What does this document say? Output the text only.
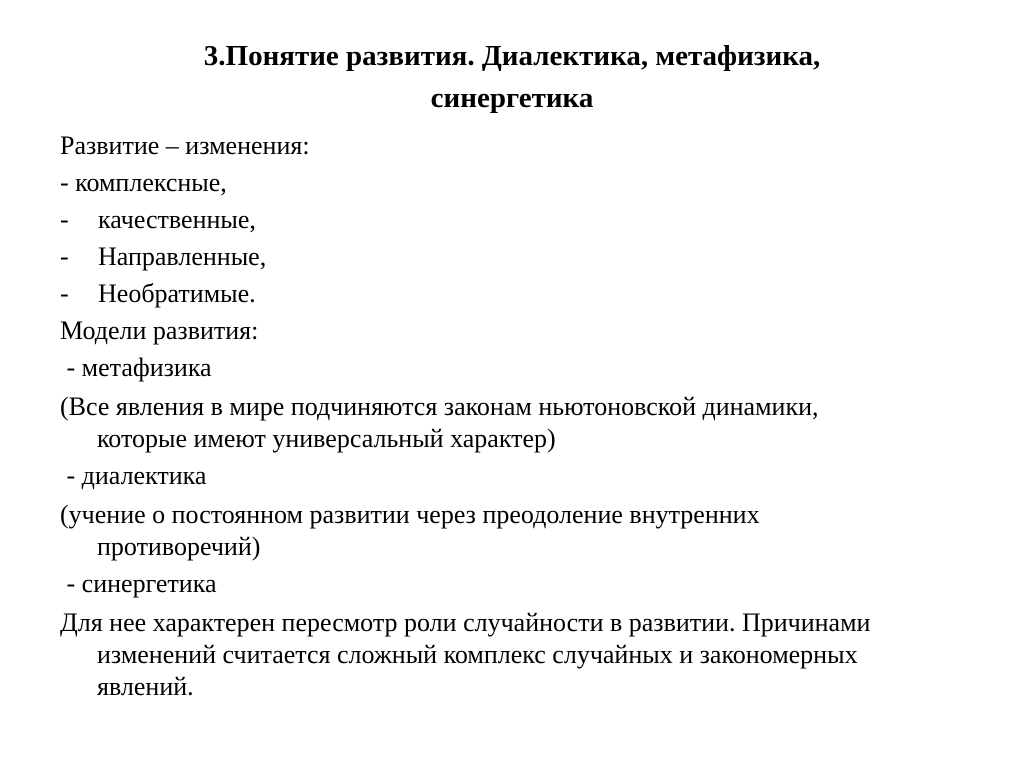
3.Понятие развития. Диалектика, метафизика,
синергетика
Развитие – изменения:
- комплексные,
- качественные,
- Направленные,
- Необратимые.
Модели развития:
- метафизика
(Все явления в мире подчиняются законам ньютоновской динамики,
которые имеют универсальный характер)
- диалектика
(учение о постоянном развитии через преодоление внутренних
противоречий)
- синергетика
Для нее характерен пересмотр роли случайности в развитии. Причинами
изменений считается сложный комплекс случайных и закономерных
явлений.
